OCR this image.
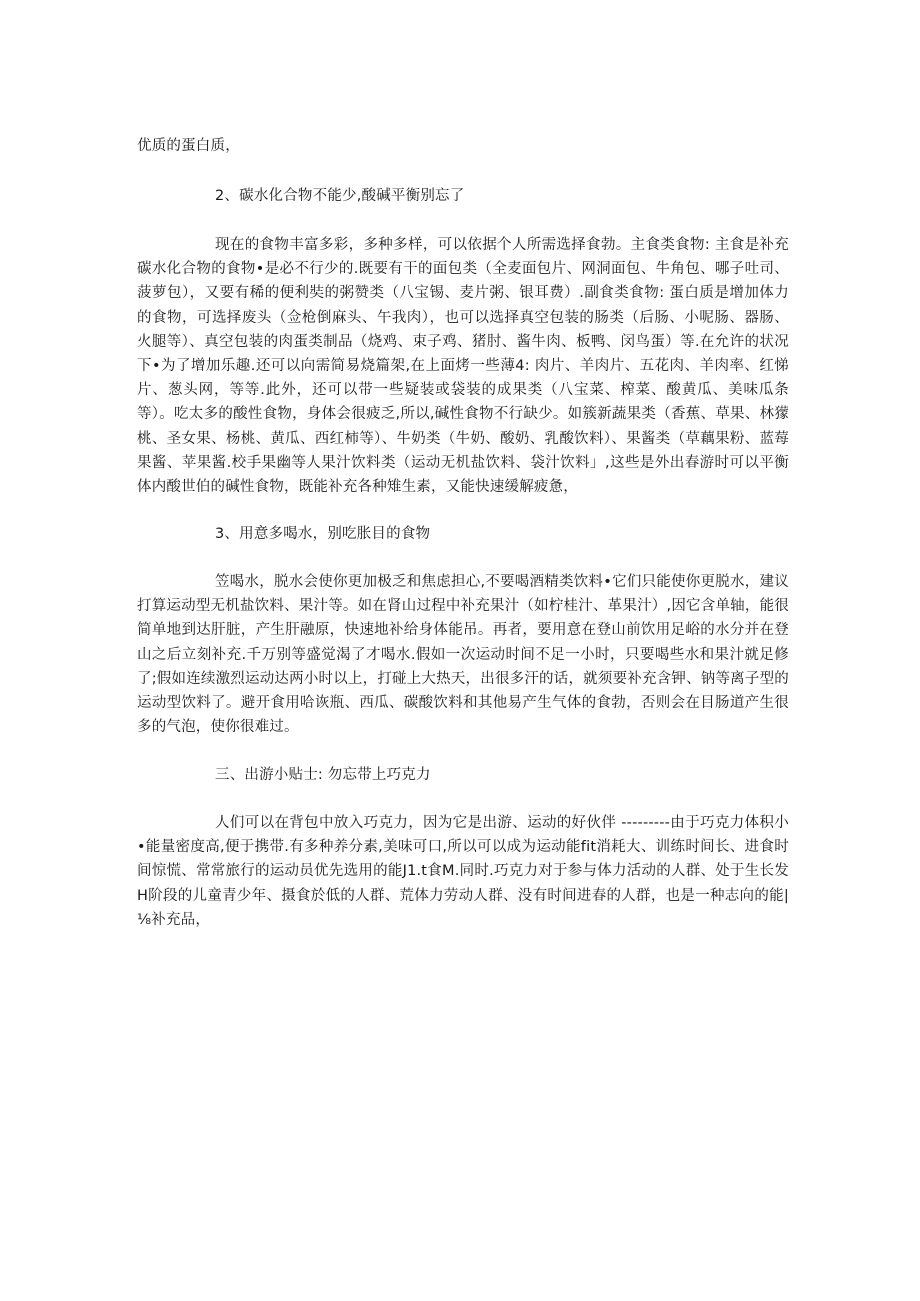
优质的蛋白质，

2、碳水化合物不能少,酸碱平衡别忘了

现在的食物丰富多彩，多种多样，可以依据个人所需选择食勃。主食类食物: 主食是补充碳水化合物的食物•是必不行少的.既要有干的面包类（全麦面包片、网洞面包、牛角包、哪子吐司、菠萝包），又要有稀的便利奘的粥赞类（八宝锡、麦片粥、银耳费）.副食类食物: 蛋白质是增加体力的食物，可选择废头（佥枪倒麻头、午我肉），也可以选择真空包装的肠类（后肠、小呢肠、器肠、火腿等）、真空包装的肉蛋类制品（烧鸡、束子鸡、猪肘、酱牛肉、板鸭、闵鸟蛋）等.在允许的状况下•为了增加乐趣.还可以向需简易烧篇架,在上面烤一些薄4: 肉片、羊肉片、五花肉、羊肉率、红悌片、葱头网，等等.此外，还可以带一些疑装或袋装的成果类（八宝菜、榨菜、酸黄瓜、美味瓜条等）。吃太多的酸性食物，身体会很疲乏,所以,碱性食物不行缺少。如簇新蔬果类（香蕉、草果、林獴桃、圣女果、杨桃、黄瓜、西红柿等）、牛奶类（牛奶、酸奶、乳酸饮料）、果酱类（草藕果粉、蓝莓果酱、苹果酱.校手果幽等人果汁饮料类（运动无机盐饮料、袋汁饮料」,这些是外出春游时可以平衡体内酸世伯的碱性食物，既能补充各种雉生素，又能快速缓解疲惫，

3、用意多喝水，别吃胀目的食物

笠喝水，脱水会使你更加极乏和焦虑担心,不要喝酒精类饮料•它们只能使你更脱水，建议打算运动型无机盐饮料、果汁等。如在肾山过程中补充果汁（如柠桂汁、革果汁）,因它含单轴，能很简单地到达肝脏，产生肝融原，快速地补给身体能吊。再者，要用意在登山前饮用足峪的水分并在登山之后立刻补充.千万别等盛觉渴了才喝水.假如一次运动时间不足一小时，只要喝些水和果汁就足修了;假如连续激烈运动达两小时以上，打碰上大热天，出很多汗的话，就须要补充含钾、钠等离子型的运动型饮料了。避开食用哈诙瓶、西瓜、碳酸饮料和其他易产生气体的食勃，否则会在目肠道产生很多的气泡，使你很难过。

三、出游小贴士: 勿忘带上巧克力

人们可以在背包中放入巧克力，因为它是出游、运动的好伙伴 ---------由于巧克力体积小•能量密度高,便于携带.有多种养分素,美味可口,所以可以成为运动能fit消耗大、训练时间长、进食时间惊慌、常常旅行的运动员优先选用的能J1.t食M.同时.巧克力对于参与体力活动的人群、处于生长发H阶段的儿童青少年、摄食於低的人群、荒体力劳动人群、没有时间进春的人群，也是一种志向的能|⅛补充品，
